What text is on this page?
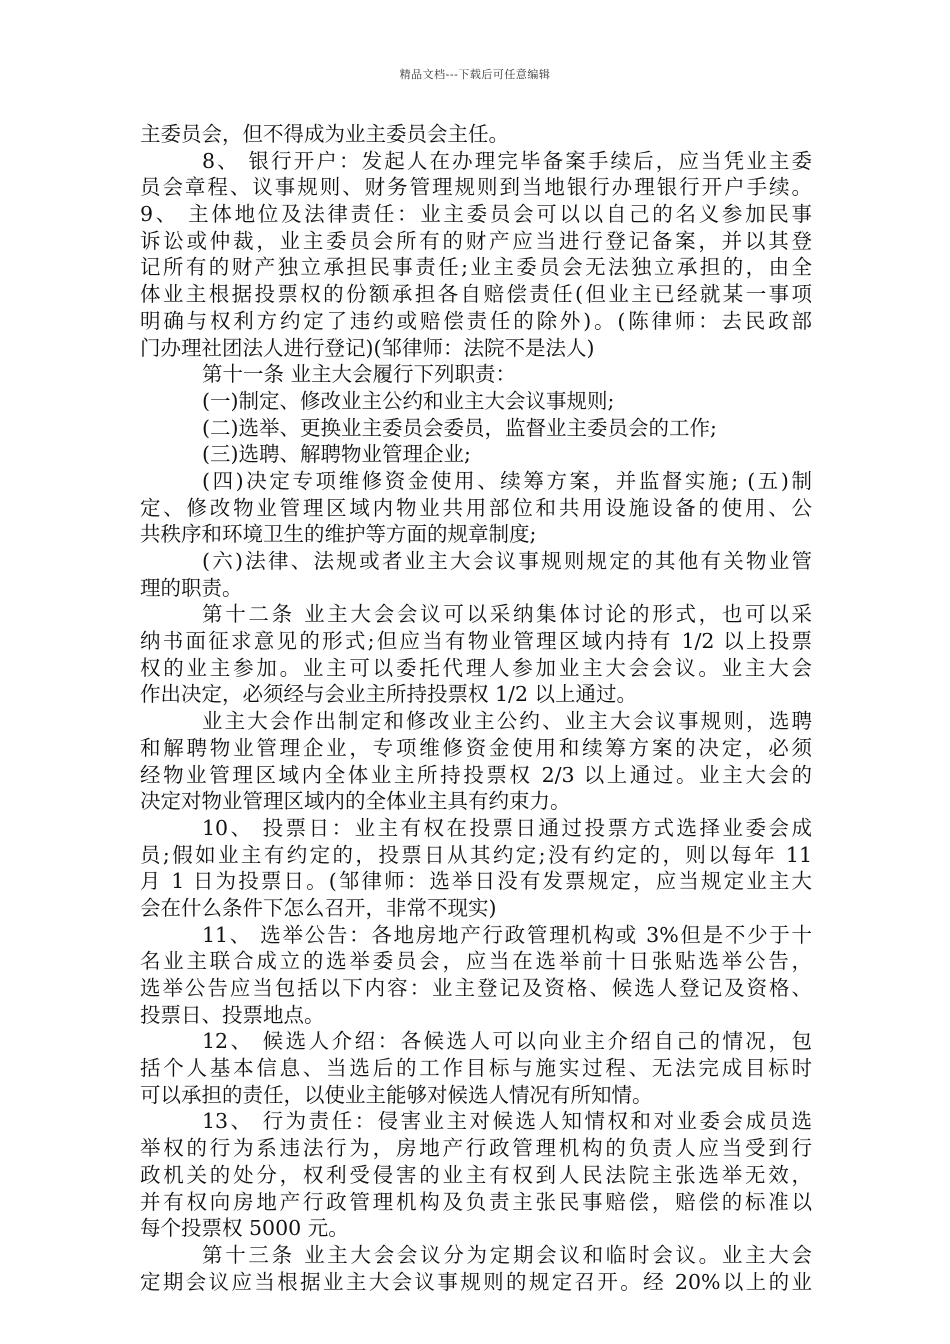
精品文档---下载后可任意编辑
主委员会，但不得成为业主委员会主任。
8、 银行开户：发起人在办理完毕备案手续后，应当凭业主委
员会章程、议事规则、财务管理规则到当地银行办理银行开户手续。
9、 主体地位及法律责任：业主委员会可以以自己的名义参加民事
诉讼或仲裁，业主委员会所有的财产应当进行登记备案，并以其登
记所有的财产独立承担民事责任;业主委员会无法独立承担的，由全
体业主根据投票权的份额承担各自赔偿责任(但业主已经就某一事项
明确与权利方约定了违约或赔偿责任的除外)。(陈律师：去民政部
门办理社团法人进行登记)(邹律师：法院不是法人)
第十一条 业主大会履行下列职责：
(一)制定、修改业主公约和业主大会议事规则;
(二)选举、更换业主委员会委员，监督业主委员会的工作;
(三)选聘、解聘物业管理企业;
(四)决定专项维修资金使用、续筹方案，并监督实施; (五)制
定、修改物业管理区域内物业共用部位和共用设施设备的使用、公
共秩序和环境卫生的维护等方面的规章制度;
(六)法律、法规或者业主大会议事规则规定的其他有关物业管
理的职责。
第十二条 业主大会会议可以采纳集体讨论的形式，也可以采
纳书面征求意见的形式;但应当有物业管理区域内持有 1/2 以上投票
权的业主参加。业主可以委托代理人参加业主大会会议。业主大会
作出决定，必须经与会业主所持投票权 1/2 以上通过。
业主大会作出制定和修改业主公约、业主大会议事规则，选聘
和解聘物业管理企业，专项维修资金使用和续筹方案的决定，必须
经物业管理区域内全体业主所持投票权 2/3 以上通过。业主大会的
决定对物业管理区域内的全体业主具有约束力。
10、 投票日：业主有权在投票日通过投票方式选择业委会成
员;假如业主有约定的，投票日从其约定;没有约定的，则以每年 11
月 1 日为投票日。(邹律师：选举日没有发票规定，应当规定业主大
会在什么条件下怎么召开，非常不现实)
11、 选举公告：各地房地产行政管理机构或 3%但是不少于十
名业主联合成立的选举委员会，应当在选举前十日张贴选举公告，
选举公告应当包括以下内容：业主登记及资格、候选人登记及资格、
投票日、投票地点。
12、 候选人介绍：各候选人可以向业主介绍自己的情况，包
括个人基本信息、当选后的工作目标与施实过程、无法完成目标时
可以承担的责任，以使业主能够对候选人情况有所知情。
13、 行为责任：侵害业主对候选人知情权和对业委会成员选
举权的行为系违法行为，房地产行政管理机构的负责人应当受到行
政机关的处分，权利受侵害的业主有权到人民法院主张选举无效，
并有权向房地产行政管理机构及负责主张民事赔偿，赔偿的标准以
每个投票权 5000 元。
第十三条 业主大会会议分为定期会议和临时会议。业主大会
定期会议应当根据业主大会议事规则的规定召开。经 20%以上的业
